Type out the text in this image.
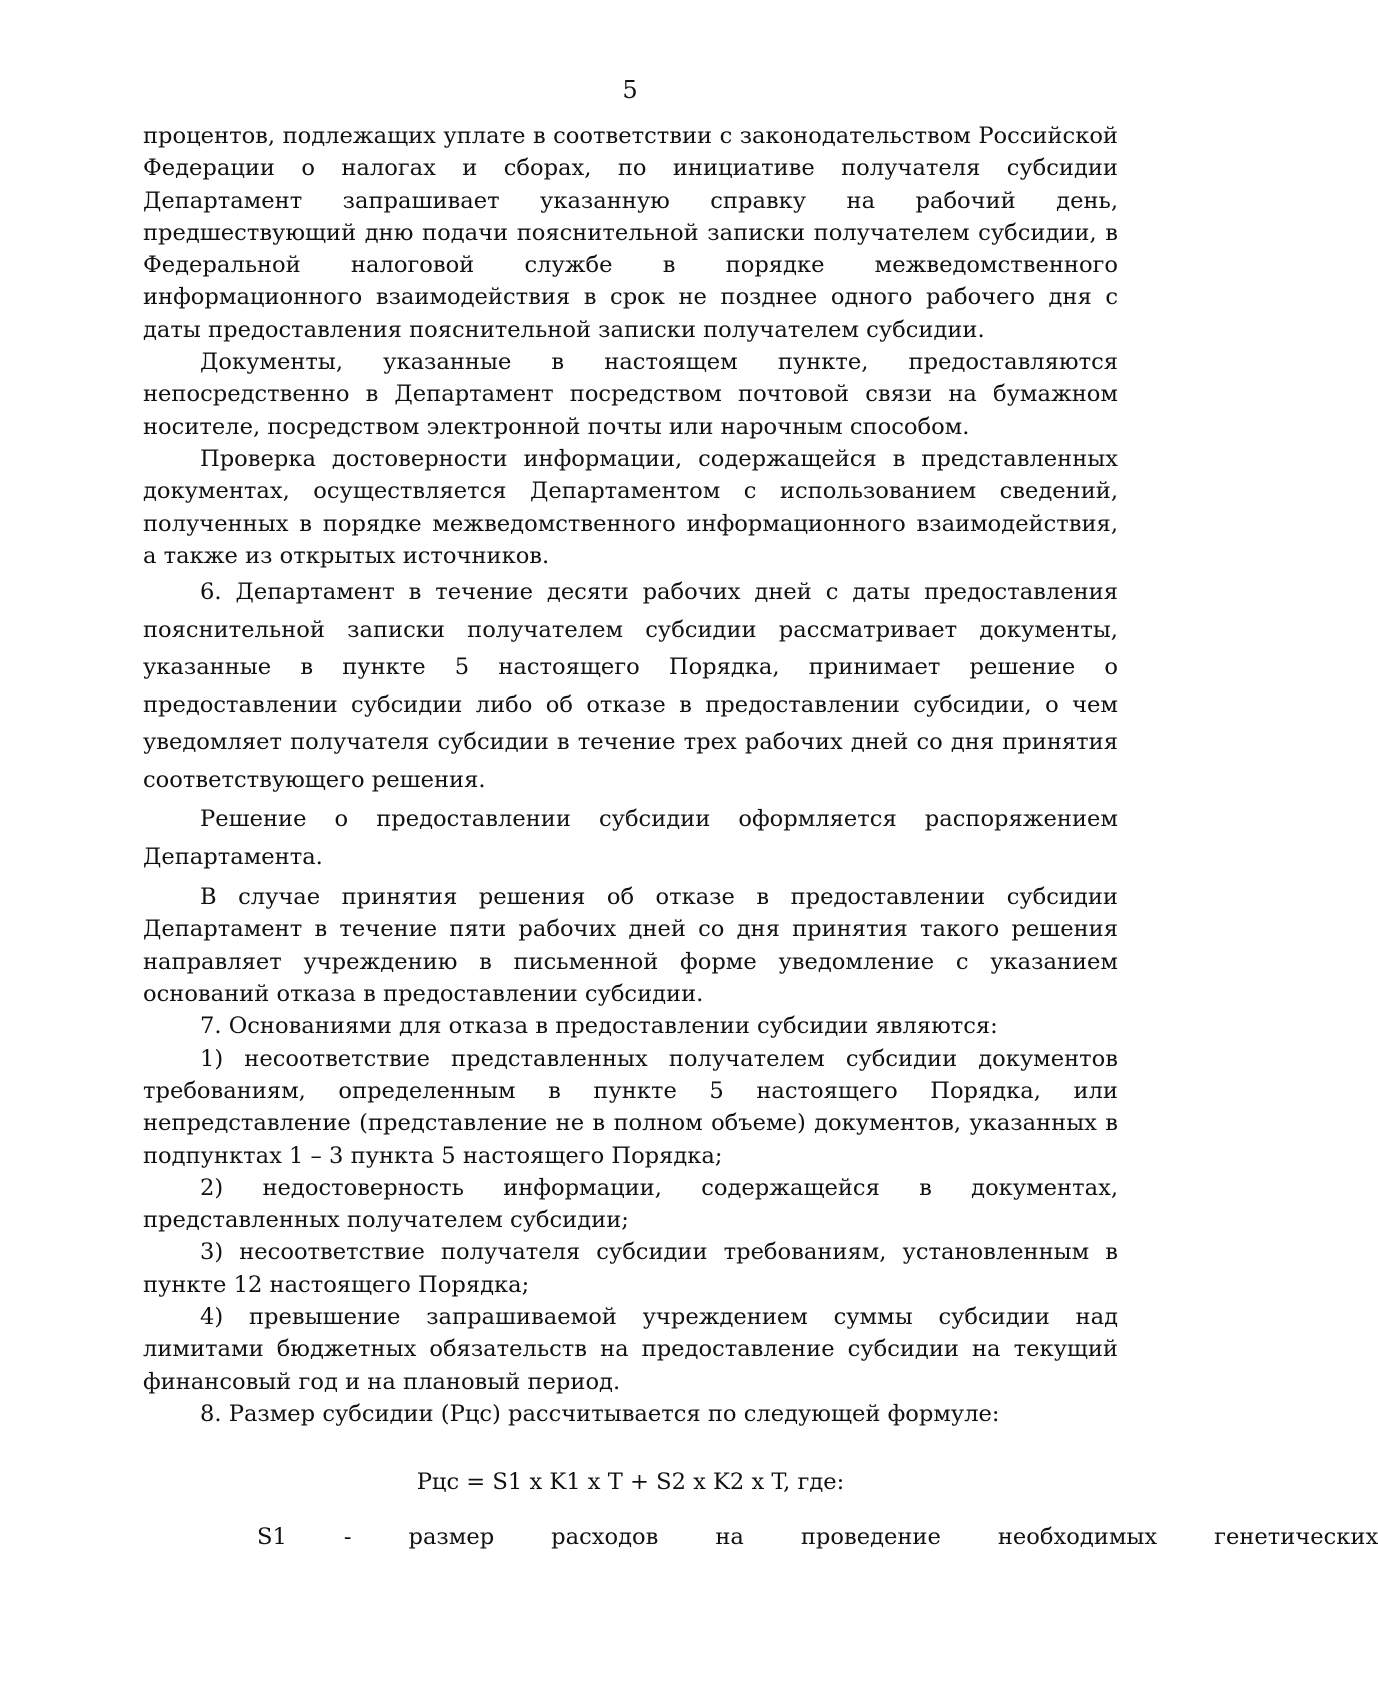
5

процентов, подлежащих уплате в соответствии с законодательством Российской Федерации о налогах и сборах, по инициативе получателя субсидии Департамент запрашивает указанную справку на рабочий день, предшествующий дню подачи пояснительной записки получателем субсидии, в Федеральной налоговой службе в порядке межведомственного информационного взаимодействия в срок не позднее одного рабочего дня с даты предоставления пояснительной записки получателем субсидии.

Документы, указанные в настоящем пункте, предоставляются непосредственно в Департамент посредством почтовой связи на бумажном носителе, посредством электронной почты или нарочным способом.

Проверка достоверности информации, содержащейся в представленных документах, осуществляется Департаментом с использованием сведений, полученных в порядке межведомственного информационного взаимодействия, а также из открытых источников.

6. Департамент в течение десяти рабочих дней с даты предоставления пояснительной записки получателем субсидии рассматривает документы, указанные в пункте 5 настоящего Порядка, принимает решение о предоставлении субсидии либо об отказе в предоставлении субсидии, о чем уведомляет получателя субсидии в течение трех рабочих дней со дня принятия соответствующего решения.

Решение о предоставлении субсидии оформляется распоряжением Департамента.

В случае принятия решения об отказе в предоставлении субсидии Департамент в течение пяти рабочих дней со дня принятия такого решения направляет учреждению в письменной форме уведомление с указанием оснований отказа в предоставлении субсидии.

7. Основаниями для отказа в предоставлении субсидии являются:

1) несоответствие представленных получателем субсидии документов требованиям, определенным в пункте 5 настоящего Порядка, или непредставление (представление не в полном объеме) документов, указанных в подпунктах 1 – 3 пункта 5 настоящего Порядка;

2) недостоверность информации, содержащейся в документах, представленных получателем субсидии;

3) несоответствие получателя субсидии требованиям, установленным в пункте 12 настоящего Порядка;

4) превышение запрашиваемой учреждением суммы субсидии над лимитами бюджетных обязательств на предоставление субсидии на текущий финансовый год и на плановый период.

8. Размер субсидии (Рцс) рассчитывается по следующей формуле:

Рцс = S1 x K1 x T + S2 x K2 x T, где:

S1	-	размер	расходов	на	проведение	необходимых	генетических
